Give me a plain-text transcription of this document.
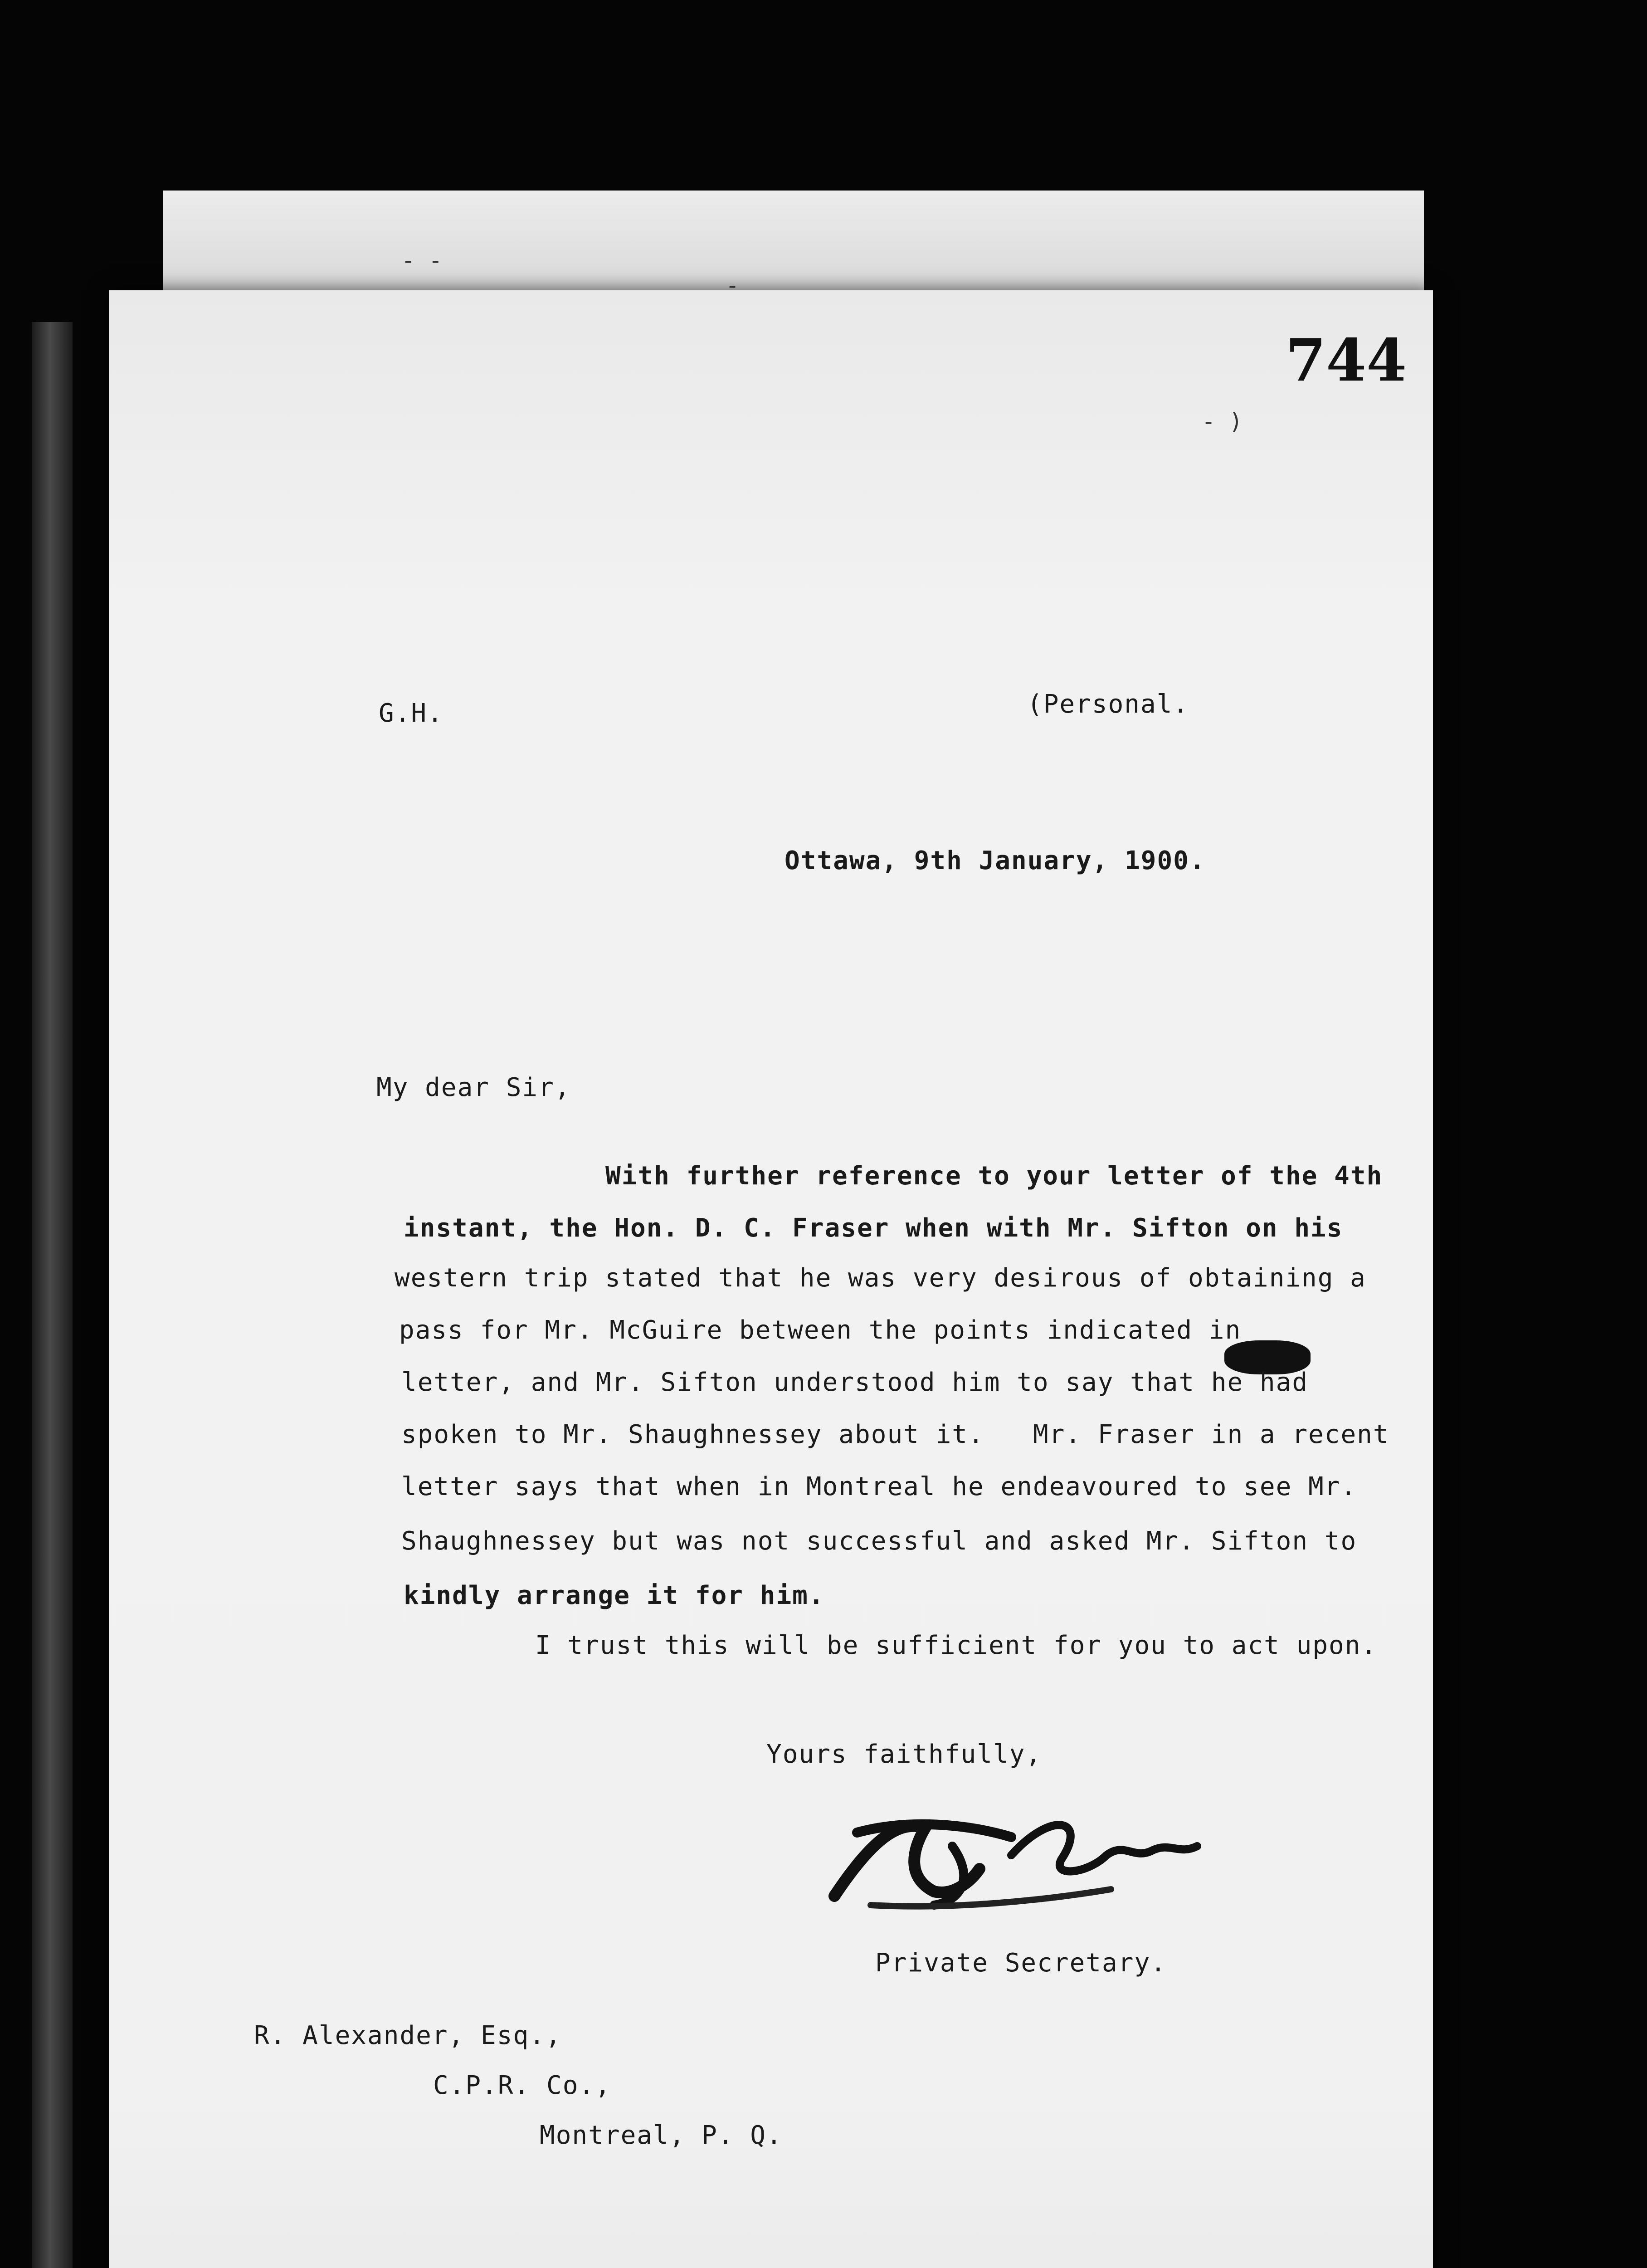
744
- -
-
- )
G.H.	(Personal.
Ottawa, 9th January, 1900.
My dear Sir,
With further reference to your letter of the 4th
instant, the Hon. D. C. Fraser when with Mr. Sifton on his
western trip stated that he was very desirous of obtaining a
pass for Mr. McGuire between the points indicated in
letter, and Mr. Sifton understood him to say that he had
spoken to Mr. Shaughnessey about it.   Mr. Fraser in a recent
letter says that when in Montreal he endeavoured to see Mr.
Shaughnessey but was not successful and asked Mr. Sifton to
kindly arrange it for him.
I trust this will be sufficient for you to act upon.
Yours faithfully,
Private Secretary.
R. Alexander, Esq.,
C.P.R. Co.,
Montreal, P. Q.
